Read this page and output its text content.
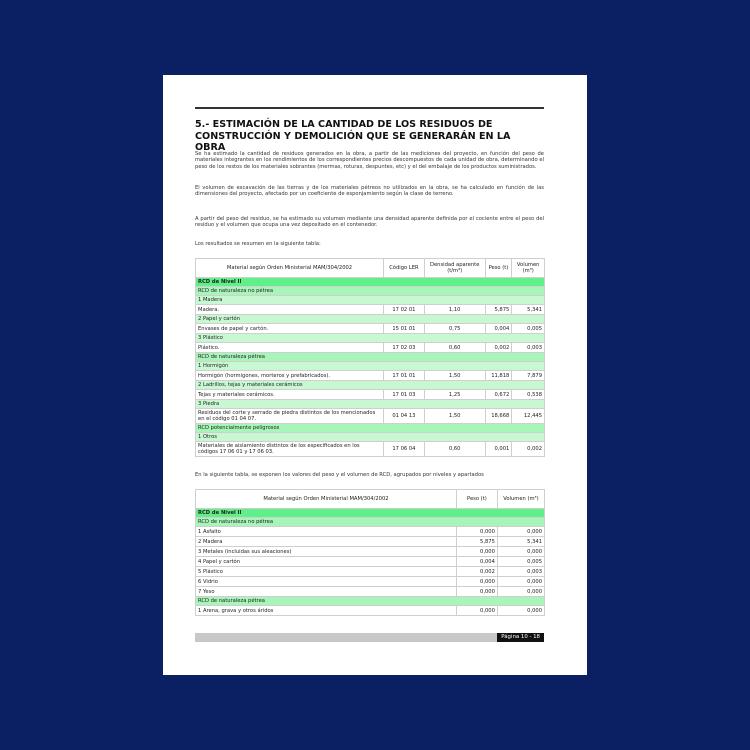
5.- ESTIMACIÓN DE LA CANTIDAD DE LOS RESIDUOS DE CONSTRUCCIÓN Y DEMOLICIÓN QUE SE GENERARÁN EN LA OBRA
Se ha estimado la cantidad de residuos generados en la obra, a partir de las mediciones del proyecto, en función del peso de materiales integrantes en los rendimientos de los correspondientes precios descompuestos de cada unidad de obra, determinando el peso de los restos de los materiales sobrantes (mermas, roturas, despuntes, etc) y el del embalaje de los productos suministrados.
El volumen de excavación de las tierras y de los materiales pétreos no utilizados en la obra, se ha calculado en función de las dimensiones del proyecto, afectado por un coeficiente de esponjamiento según la clase de terreno.
A partir del peso del residuo, se ha estimado su volumen mediante una densidad aparente definida por el cociente entre el peso del residuo y el volumen que ocupa una vez depositado en el contenedor.
Los resultados se resumen en la siguiente tabla:
Material según Orden Ministerial MAM/304/2002	Código LER	Densidad aparente (t/m³)	Peso (t)	Volumen (m³)
RCD de Nivel II				
RCD de naturaleza no pétrea				
1 Madera				
Madera.	17 02 01	1,10	5,875	5,341
2 Papel y cartón				
Envases de papel y cartón.	15 01 01	0,75	0,004	0,005
3 Plástico				
Plástico.	17 02 03	0,60	0,002	0,003
RCD de naturaleza pétrea				
1 Hormigón				
Hormigón (hormigones, morteros y prefabricados).	17 01 01	1,50	11,818	7,879
2 Ladrillos, tejas y materiales cerámicos				
Tejas y materiales cerámicos.	17 01 03	1,25	0,672	0,538
3 Piedra				
Residuos del corte y serrado de piedra distintos de los mencionados en el código 01 04 07.	01 04 13	1,50	18,668	12,445
RCD potencialmente peligrosos				
1 Otros				
Materiales de aislamiento distintos de los especificados en los códigos 17 06 01 y 17 06 03.	17 06 04	0,60	0,001	0,002
En la siguiente tabla, se exponen los valores del peso y el volumen de RCD, agrupados por niveles y apartados
Material según Orden Ministerial MAM/304/2002	Peso (t)	Volumen (m³)
RCD de Nivel II		
RCD de naturaleza no pétrea		
1 Asfalto	0,000	0,000
2 Madera	5,875	5,341
3 Metales (incluidas sus aleaciones)	0,000	0,000
4 Papel y cartón	0,004	0,005
5 Plástico	0,002	0,003
6 Vidrio	0,000	0,000
7 Yeso	0,000	0,000
RCD de naturaleza pétrea		
1 Arena, grava y otros áridos	0,000	0,000
Página 10 - 18
